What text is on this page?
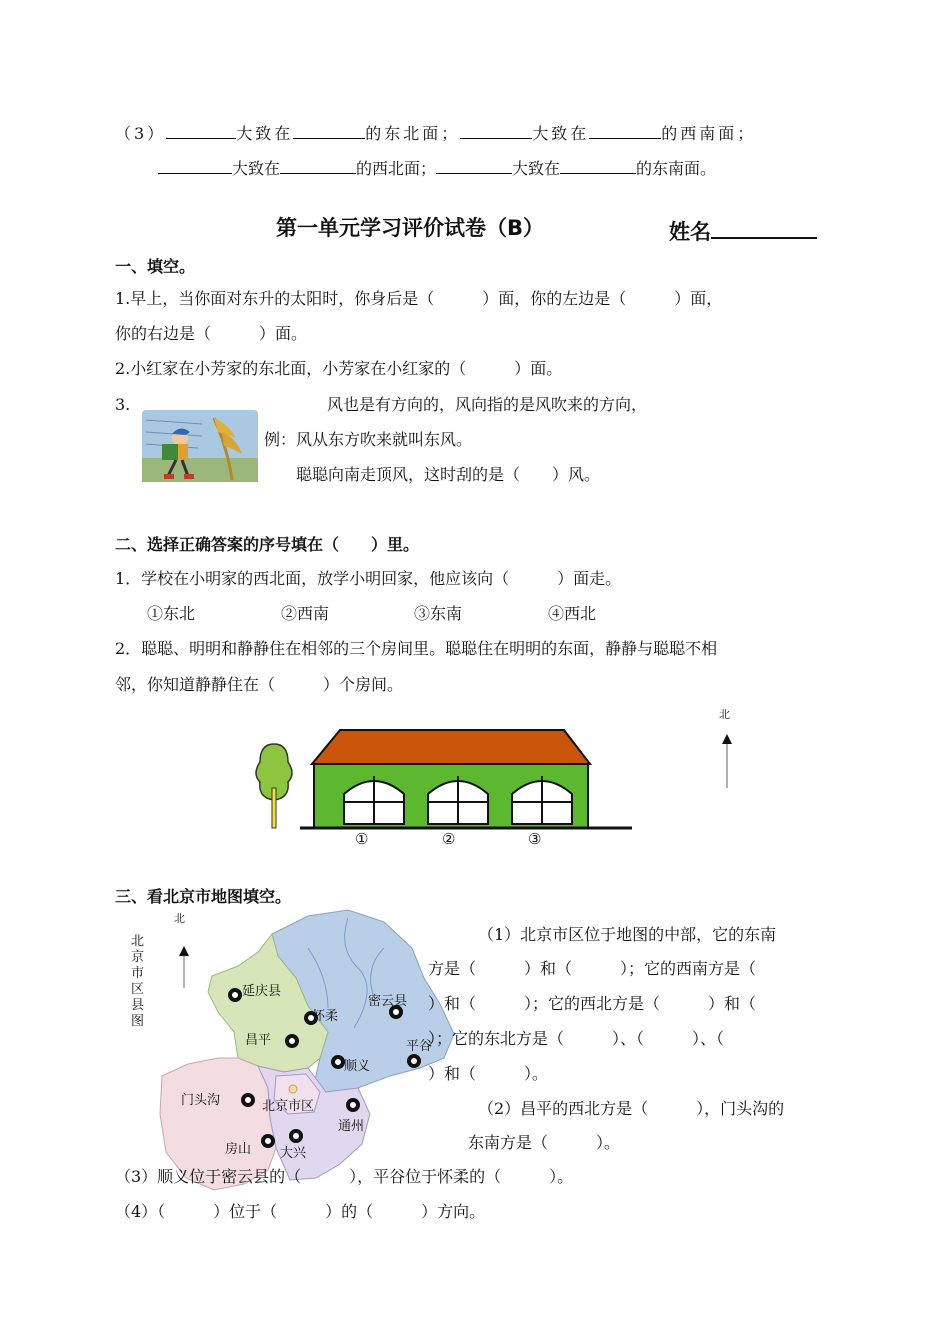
（3）	大致在	的东北面；	大致在	的西南面；
大致在	的西北面；	大致在	的东南面。
第一单元学习评价试卷（B）	姓名
一、填空。
1.早上，当你面对东升的太阳时，你身后是（　　　）面，你的左边是（　　　）面，
你的右边是（　　　）面。
2.小红家在小芳家的东北面，小芳家在小红家的（　　　）面。
3.	风也是有方向的，风向指的是风吹来的方向，
例：风从东方吹来就叫东风。
聪聪向南走顶风，这时刮的是（　　）风。
二、选择正确答案的序号填在（　　）里。
1．学校在小明家的西北面，放学小明回家，他应该向（　　　）面走。
①东北	②西南	③东南	④西北
2．聪聪、明明和静静住在相邻的三个房间里。聪聪住在明明的东面，静静与聪聪不相
邻，你知道静静住在（　　　）个房间。
北
①	②	③
三、看北京市地图填空。
北
北
京
市
区
县
图
延庆县
密云县
怀柔
昌平	平谷
顺义
门头沟	北京市区
通州
房山 大兴
（1）北京市区位于地图的中部，它的东南
方是（　　　）和（　　　）；它的西南方是（
）和（　　　）；它的西北方是（　　　）和（
）；它的东北方是（　　　）、（　　　）、（
）和（　　　）。
（2）昌平的西北方是（　　　），门头沟的
东南方是（　　　）。
（3）顺义位于密云县的（　　　），平谷位于怀柔的（　　　）。
（4）（　　　）位于（　　　）的（　　　）方向。
